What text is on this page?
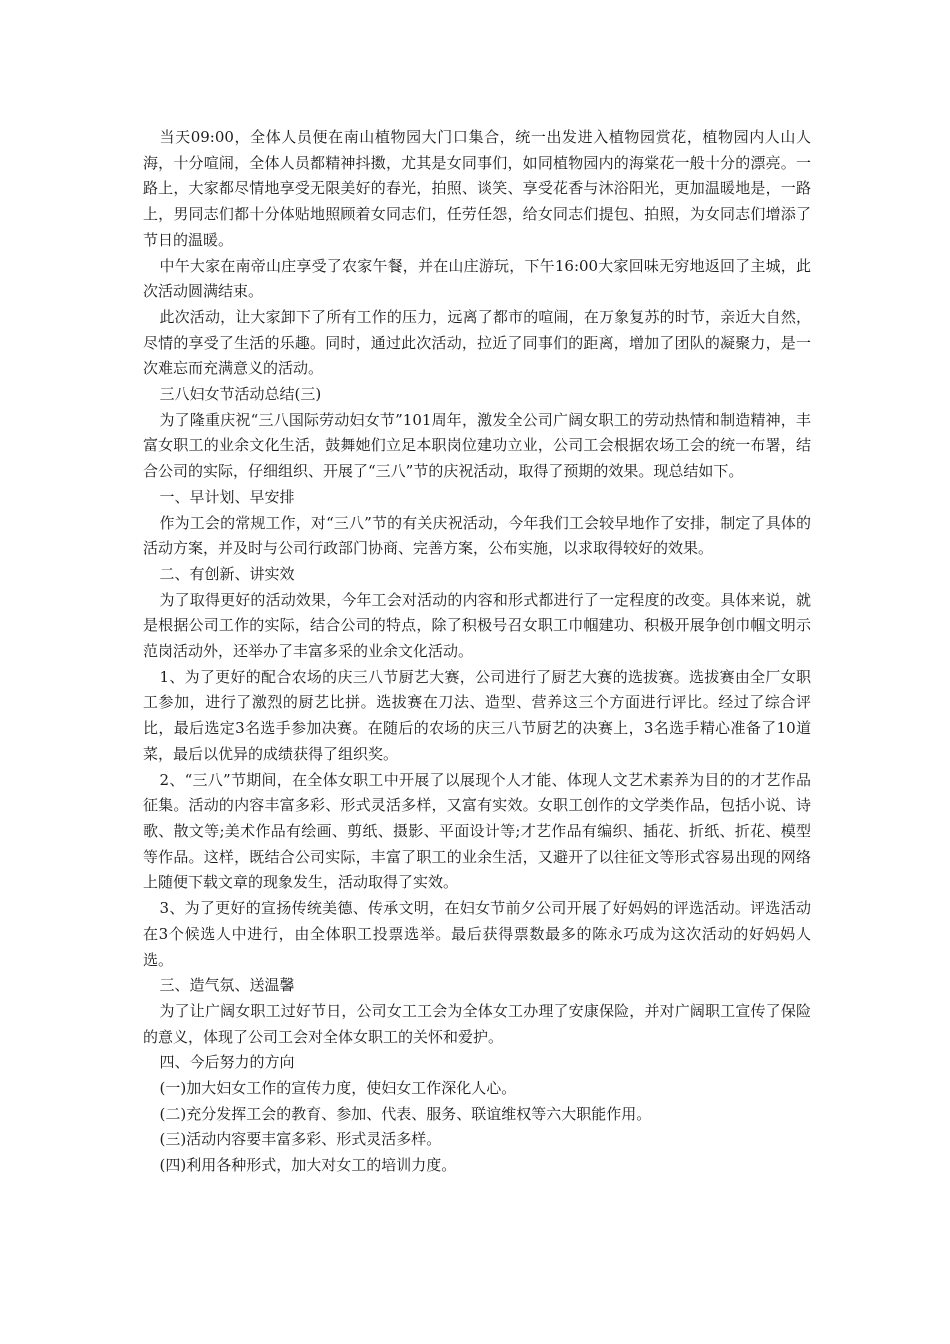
当天09:00，全体人员便在南山植物园大门口集合，统一出发进入植物园赏花，植物园内人山人海，十分喧闹，全体人员都精神抖擞，尤其是女同事们，如同植物园内的海棠花一般十分的漂亮。一路上，大家都尽情地享受无限美好的春光，拍照、谈笑、享受花香与沐浴阳光，更加温暖地是，一路上，男同志们都十分体贴地照顾着女同志们，任劳任怨，给女同志们提包、拍照，为女同志们增添了节日的温暖。

中午大家在南帝山庄享受了农家午餐，并在山庄游玩，下午16:00大家回味无穷地返回了主城，此次活动圆满结束。

此次活动，让大家卸下了所有工作的压力，远离了都市的喧闹，在万象复苏的时节，亲近大自然，尽情的享受了生活的乐趣。同时，通过此次活动，拉近了同事们的距离，增加了团队的凝聚力，是一次难忘而充满意义的活动。

三八妇女节活动总结(三)

为了隆重庆祝“三八国际劳动妇女节”101周年，激发全公司广阔女职工的劳动热情和制造精神，丰富女职工的业余文化生活，鼓舞她们立足本职岗位建功立业，公司工会根据农场工会的统一布署，结合公司的实际，仔细组织、开展了“三八”节的庆祝活动，取得了预期的效果。现总结如下。

一、早计划、早安排

作为工会的常规工作，对“三八”节的有关庆祝活动，今年我们工会较早地作了安排，制定了具体的活动方案，并及时与公司行政部门协商、完善方案，公布实施，以求取得较好的效果。

二、有创新、讲实效

为了取得更好的活动效果，今年工会对活动的内容和形式都进行了一定程度的改变。具体来说，就是根据公司工作的实际，结合公司的特点，除了积极号召女职工巾帼建功、积极开展争创巾帼文明示范岗活动外，还举办了丰富多采的业余文化活动。

1、为了更好的配合农场的庆三八节厨艺大赛，公司进行了厨艺大赛的选拔赛。选拔赛由全厂女职工参加，进行了激烈的厨艺比拼。选拔赛在刀法、造型、营养这三个方面进行评比。经过了综合评比，最后选定3名选手参加决赛。在随后的农场的庆三八节厨艺的决赛上，3名选手精心准备了10道菜，最后以优异的成绩获得了组织奖。

2、“三八”节期间，在全体女职工中开展了以展现个人才能、体现人文艺术素养为目的的才艺作品征集。活动的内容丰富多彩、形式灵活多样，又富有实效。女职工创作的文学类作品，包括小说、诗歌、散文等;美术作品有绘画、剪纸、摄影、平面设计等;才艺作品有编织、插花、折纸、折花、模型等作品。这样，既结合公司实际，丰富了职工的业余生活，又避开了以往征文等形式容易出现的网络上随便下载文章的现象发生，活动取得了实效。

3、为了更好的宣扬传统美德、传承文明，在妇女节前夕公司开展了好妈妈的评选活动。评选活动在3个候选人中进行，由全体职工投票选举。最后获得票数最多的陈永巧成为这次活动的好妈妈人选。

三、造气氛、送温馨

为了让广阔女职工过好节日，公司女工工会为全体女工办理了安康保险，并对广阔职工宣传了保险的意义，体现了公司工会对全体女职工的关怀和爱护。

四、今后努力的方向

(一)加大妇女工作的宣传力度，使妇女工作深化人心。

(二)充分发挥工会的教育、参加、代表、服务、联谊维权等六大职能作用。

(三)活动内容要丰富多彩、形式灵活多样。

(四)利用各种形式，加大对女工的培训力度。
